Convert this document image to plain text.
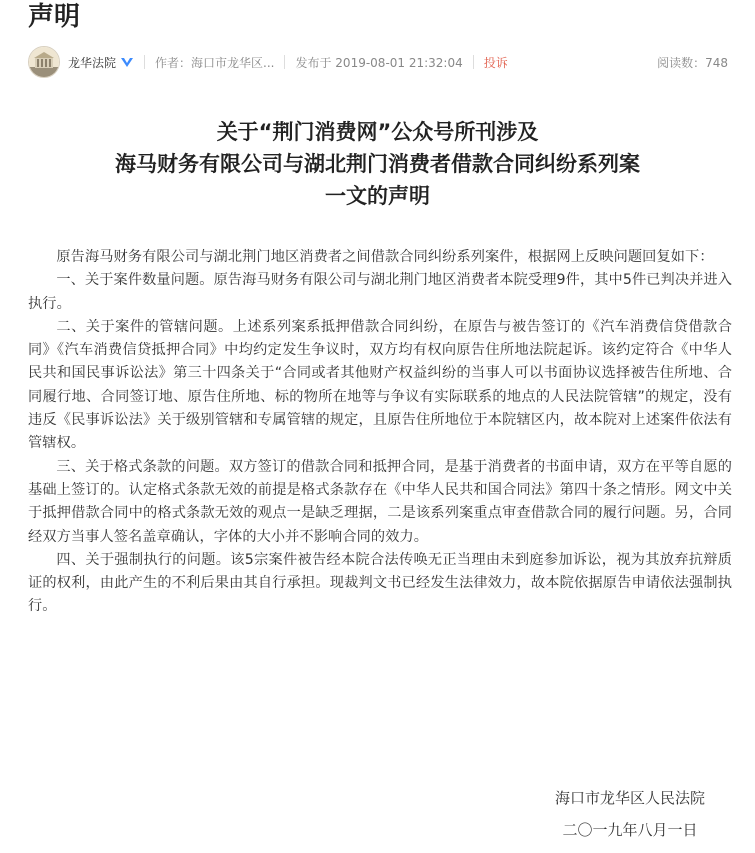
声明
龙华法院	作者： 海口市龙华区... 发布于 2019-08-01 21:32:04 投诉	阅读数：748
关于“荆门消费网”公众号所刊涉及
海马财务有限公司与湖北荆门消费者借款合同纠纷系列案
一文的声明

原告海马财务有限公司与湖北荆门地区消费者之间借款合同纠纷系列案件，根据网上反映问题回复如下：

一、关于案件数量问题。原告海马财务有限公司与湖北荆门地区消费者本院受理9件，其中5件已判决并进入执行。

二、关于案件的管辖问题。上述系列案系抵押借款合同纠纷，在原告与被告签订的《汽车消费信贷借款合同》《汽车消费信贷抵押合同》中均约定发生争议时，双方均有权向原告住所地法院起诉。该约定符合《中华人民共和国民事诉讼法》第三十四条关于“合同或者其他财产权益纠纷的当事人可以书面协议选择被告住所地、合同履行地、合同签订地、原告住所地、标的物所在地等与争议有实际联系的地点的人民法院管辖”的规定，没有违反《民事诉讼法》关于级别管辖和专属管辖的规定，且原告住所地位于本院辖区内，故本院对上述案件依法有管辖权。

三、关于格式条款的问题。双方签订的借款合同和抵押合同，是基于消费者的书面申请，双方在平等自愿的基础上签订的。认定格式条款无效的前提是格式条款存在《中华人民共和国合同法》第四十条之情形。网文中关于抵押借款合同中的格式条款无效的观点一是缺乏理据，二是该系列案重点审查借款合同的履行问题。另，合同经双方当事人签名盖章确认，字体的大小并不影响合同的效力。

四、关于强制执行的问题。该5宗案件被告经本院合法传唤无正当理由未到庭参加诉讼，视为其放弃抗辩质证的权利，由此产生的不利后果由其自行承担。现裁判文书已经发生法律效力，故本院依据原告申请依法强制执行。

海口市龙华区人民法院
二〇一九年八月一日
